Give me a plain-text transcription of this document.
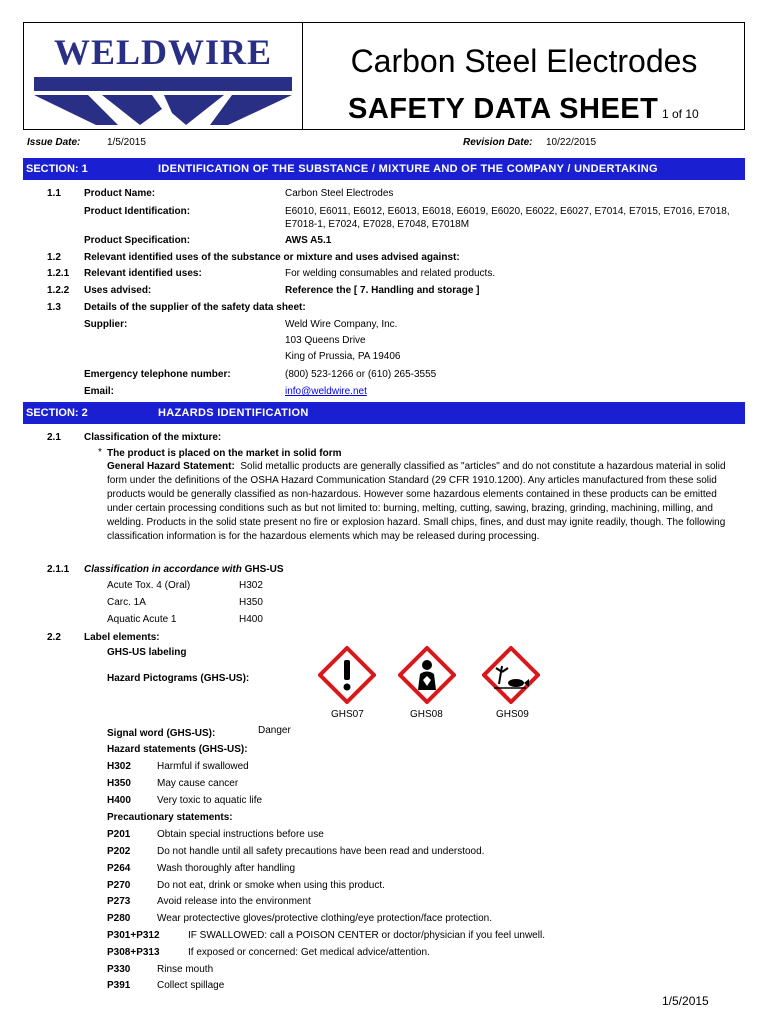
WELDWIRE	Carbon Steel Electrodes
SAFETY DATA SHEET 1 of 10
Issue Date:	1/5/2015	Revision Date: 10/22/2015
SECTION: 1	IDENTIFICATION OF THE SUBSTANCE / MIXTURE AND OF THE COMPANY / UNDERTAKING
1.1 Product Name:	Carbon Steel Electrodes
Product Identification:	E6010, E6011, E6012, E6013, E6018, E6019, E6020, E6022, E6027, E7014, E7015, E7016, E7018,
E7018-1, E7024, E7028, E7048, E7018M
Product Specification:	AWS A5.1
1.2 Relevant identified uses of the substance or mixture and uses advised against:
1.2.1 Relevant identified uses:	For welding consumables and related products.
1.2.2 Uses advised:	Reference the [ 7. Handling and storage ]
1.3 Details of the supplier of the safety data sheet:
Supplier:	Weld Wire Company, Inc.
103 Queens Drive
King of Prussia, PA 19406
Emergency telephone number:	(800) 523-1266 or (610) 265-3555
Email:	info@weldwire.net
SECTION: 2	HAZARDS IDENTIFICATION
2.1 Classification of the mixture:
* The product is placed on the market in solid form
General Hazard Statement: Solid metallic products are generally classified as "articles" and do not constitute a hazardous material in solid form under the definitions of the OSHA Hazard Communication Standard (29 CFR 1910.1200). Any articles manufactured from these solid products would be generally classified as non-hazardous. However some hazardous elements contained in these products can be emitted under certain processing conditions such as but not limited to: burning, melting, cutting, sawing, brazing, grinding, machining, milling, and welding. Products in the solid state present no fire or explosion hazard. Small chips, fines, and dust may ignite readily, though. The following classification information is for the hazardous elements which may be released during processing.
2.1.1 Classification in accordance with GHS-US
Acute Tox. 4 (Oral)	H302
Carc. 1A	H350
Aquatic Acute 1	H400
2.2 Label elements:
GHS-US labeling
Hazard Pictograms (GHS-US):
GHS07	GHS08	GHS09
Signal word (GHS-US):	Danger
Hazard statements (GHS-US):
H302	Harmful if swallowed
H350	May cause cancer
H400	Very toxic to aquatic life
Precautionary statements:
P201	Obtain special instructions before use
P202	Do not handle until all safety precautions have been read and understood.
P264	Wash thoroughly after handling
P270	Do not eat, drink or smoke when using this product.
P273	Avoid release into the environment
P280	Wear protectective gloves/protective clothing/eye protection/face protection.
P301+P312	IF SWALLOWED: call a POISON CENTER or doctor/physician if you feel unwell.
P308+P313	If exposed or concerned: Get medical advice/attention.
P330	Rinse mouth
P391	Collect spillage
1/5/2015
